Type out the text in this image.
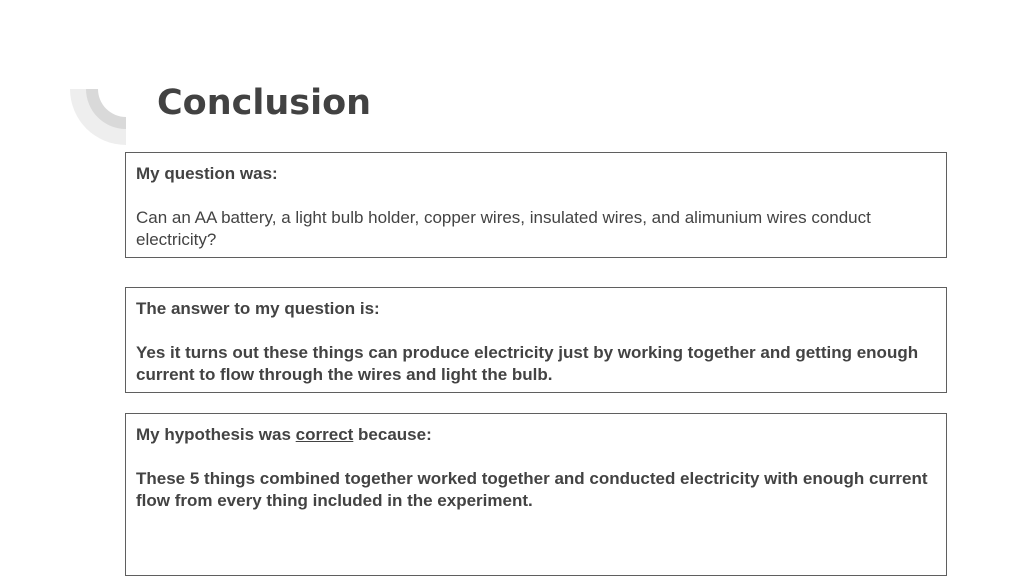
Conclusion

My question was:

Can an AA battery, a light bulb holder, copper wires, insulated wires, and alimunium wires conduct electricity?

The answer to my question is:

Yes it turns out these things can produce electricity just by working together and getting enough current to flow through the wires and light the bulb.

My hypothesis was correct because:

These 5 things combined together worked together and conducted electricity with enough current flow from every thing included in the experiment.
